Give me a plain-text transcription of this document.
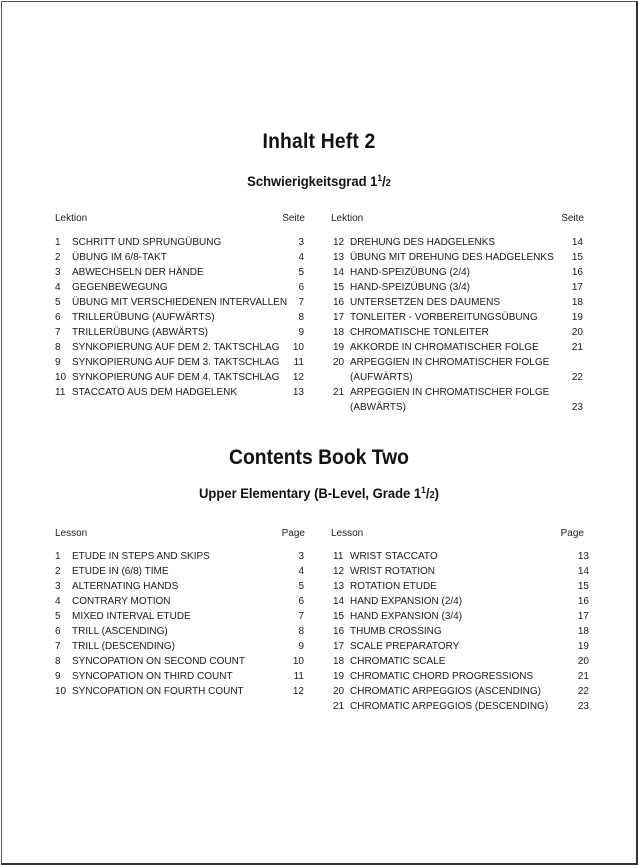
Inhalt Heft 2
Schwierigkeitsgrad $1^1/2$
Lektion	Seite	Lektion	Seite
1	SCHRITT UND SPRUNGÜBUNG	3
2	ÜBUNG IM 6/8-TAKT	4
3	ABWECHSELN DER HÄNDE	5
4	GEGENBEWEGUNG	6
5	ÜBUNG MIT VERSCHIEDENEN INTERVALLEN 7
6	TRILLERÜBUNG (AUFWÄRTS)	8
7	TRILLERÜBUNG (ABWÄRTS)	9
8	SYNKOPIERUNG AUF DEM 2. TAKTSCHLAG 10
9	SYNKOPIERUNG AUF DEM 3. TAKTSCHLAG 11
10 SYNKOPIERUNG AUF DEM 4. TAKTSCHLAG 12
11 STACCATO AUS DEM HADGELENK	13
12 DREHUNG DES HADGELENKS	14
13 ÜBUNG MIT DREHUNG DES HADGELENKS 15
14 HAND-SPEIZÜBUNG (2/4)	16
15 HAND-SPEIZÜBUNG (3/4)	17
16 UNTERSETZEN DES DAUMENS	18
17 TONLEITER - VORBEREITUNGSÜBUNG	19
18 CHROMATISCHE TONLEITER	20
19 AKKORDE IN CHROMATISCHER FOLGE	21
20 ARPEGGIEN IN CHROMATISCHER FOLGE
(AUFWÄRTS)	22
21 ARPEGGIEN IN CHROMATISCHER FOLGE
(ABWÄRTS)	23
Contents Book Two
Upper Elementary (B-Level, Grade $1^1/2$)
Lesson	Page	Lesson	Page
1	ETUDE IN STEPS AND SKIPS	3
2	ETUDE IN (6/8) TIME	4
3	ALTERNATING HANDS	5
4	CONTRARY MOTION	6
5	MIXED INTERVAL ETUDE	7
6	TRILL (ASCENDING)	8
7	TRILL (DESCENDING)	9
8	SYNCOPATION ON SECOND COUNT	10
9	SYNCOPATION ON THIRD COUNT	11
10 SYNCOPATION ON FOURTH COUNT	12
11 WRIST STACCATO	13
12 WRIST ROTATION	14
13 ROTATION ETUDE	15
14 HAND EXPANSION (2/4)	16
15 HAND EXPANSION (3/4)	17
16 THUMB CROSSING	18
17 SCALE PREPARATORY	19
18 CHROMATIC SCALE	20
19 CHROMATIC CHORD PROGRESSIONS	21
20 CHROMATIC ARPEGGIOS (ASCENDING)	22
21 CHROMATIC ARPEGGIOS (DESCENDING)	23
